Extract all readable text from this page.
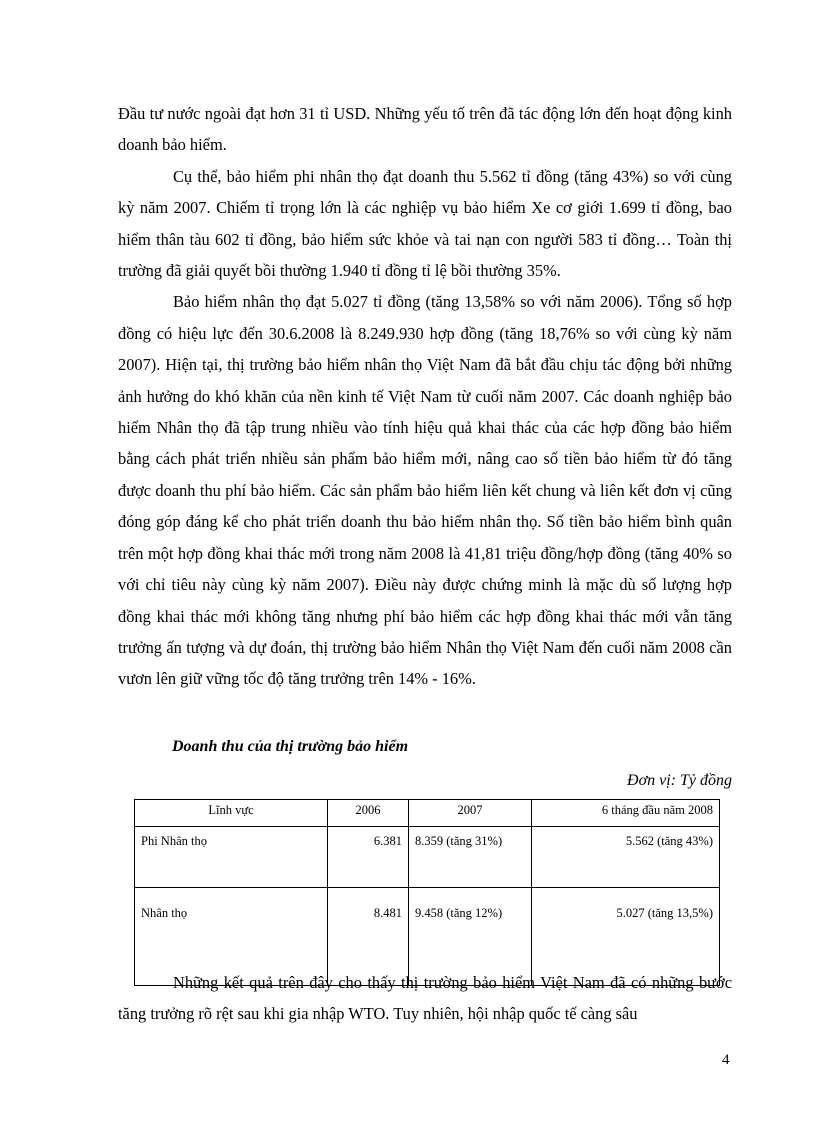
Đầu tư nước ngoài đạt hơn 31 tỉ USD. Những yếu tố trên đã tác động lớn đến hoạt động kinh doanh bảo hiểm.

Cụ thể, bảo hiểm phi nhân thọ đạt doanh thu 5.562 tỉ đồng (tăng 43%) so với cùng kỳ năm 2007. Chiếm tỉ trọng lớn là các nghiệp vụ bảo hiểm Xe cơ giới 1.699 tỉ đồng, bao hiểm thân tàu 602 tỉ đồng, bảo hiểm sức khỏe và tai nạn con người 583 tỉ đồng… Toàn thị trường đã giải quyết bồi thường 1.940 tỉ đồng tỉ lệ bồi thường 35%.

Bảo hiểm nhân thọ đạt 5.027 tỉ đồng (tăng 13,58% so với năm 2006). Tổng số hợp đồng có hiệu lực đến 30.6.2008 là 8.249.930 hợp đồng (tăng 18,76% so với cùng kỳ năm 2007). Hiện tại, thị trường bảo hiểm nhân thọ Việt Nam đã bắt đầu chịu tác động bởi những ảnh hưởng do khó khăn của nền kinh tế Việt Nam từ cuối năm 2007. Các doanh nghiệp bảo hiểm Nhân thọ đã tập trung nhiều vào tính hiệu quả khai thác của các hợp đồng bảo hiểm bằng cách phát triển nhiều sản phẩm bảo hiểm mới, nâng cao số tiền bảo hiểm từ đó tăng được doanh thu phí bảo hiểm. Các sản phẩm bảo hiểm liên kết chung và liên kết đơn vị cũng đóng góp đáng kể cho phát triển doanh thu bảo hiểm nhân thọ. Số tiền bảo hiểm bình quân trên một hợp đồng khai thác mới trong năm 2008 là 41,81 triệu đồng/hợp đồng (tăng 40% so với chỉ tiêu này cùng kỳ năm 2007). Điều này được chứng minh là mặc dù số lượng hợp đồng khai thác mới không tăng nhưng phí bảo hiểm các hợp đồng khai thác mới vẫn tăng trưởng ấn tượng và dự đoán, thị trường bảo hiểm Nhân thọ Việt Nam đến cuối năm 2008 cần vươn lên giữ vững tốc độ tăng trưởng trên 14% - 16%.

Doanh thu của thị trường bảo hiểm
Đơn vị: Tỷ đồng
Lĩnh vực	2006	2007	6 tháng đầu năm 2008
Phi Nhân thọ	6.381	8.359 (tăng 31%)	5.562 (tăng 43%)
Nhân thọ	8.481	9.458 (tăng 12%)	5.027 (tăng 13,5%)

Những kết quả trên đây cho thấy thị trường bảo hiểm Việt Nam đã có những bước tăng trưởng rõ rệt sau khi gia nhập WTO. Tuy nhiên, hội nhập quốc tế càng sâu

4
